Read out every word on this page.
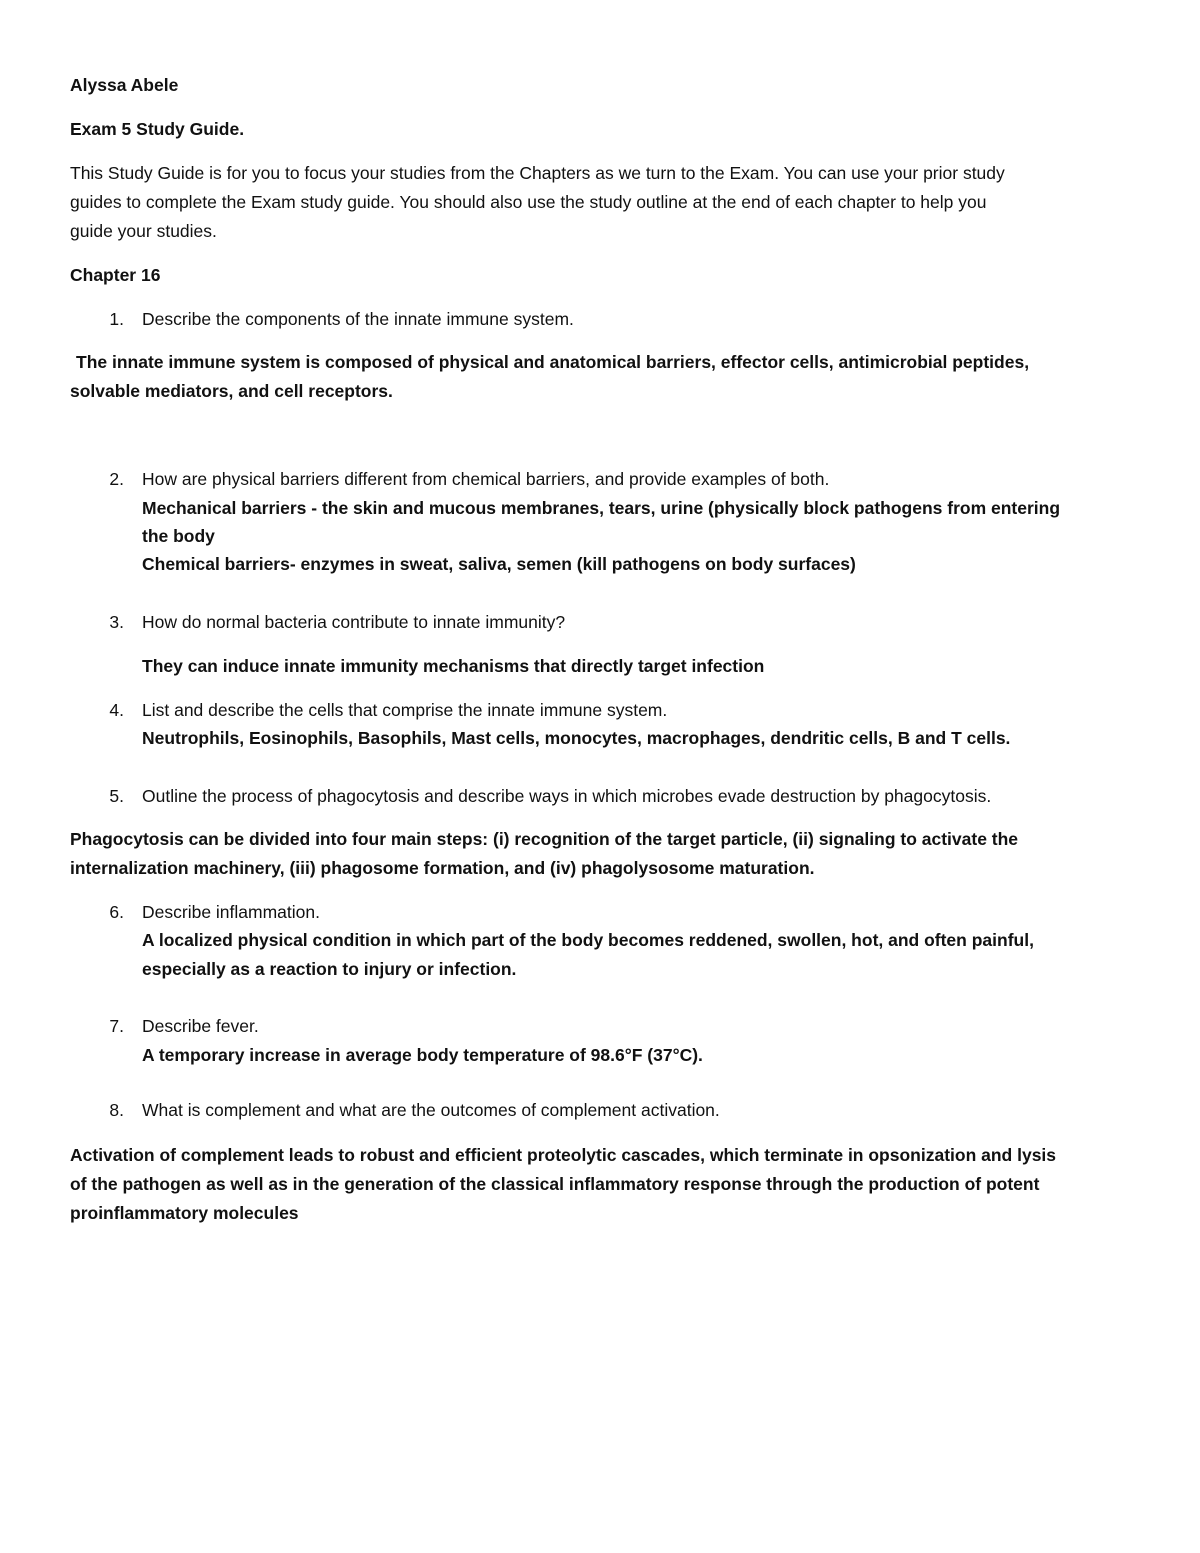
Alyssa Abele

Exam 5 Study Guide.

This Study Guide is for you to focus your studies from the Chapters as we turn to the Exam. You can use your prior study

guides to complete the Exam study guide. You should also use the study outline at the end of each chapter to help you

guide your studies.

Chapter 16

1. Describe the components of the innate immune system.

The innate immune system is composed of physical and anatomical barriers, effector cells, antimicrobial peptides,

solvable mediators, and cell receptors.

2. How are physical barriers different from chemical barriers, and provide examples of both.

Mechanical barriers - the skin and mucous membranes, tears, urine (physically block pathogens from entering

the body

Chemical barriers- enzymes in sweat, saliva, semen (kill pathogens on body surfaces)

3. How do normal bacteria contribute to innate immunity?

They can induce innate immunity mechanisms that directly target infection

4. List and describe the cells that comprise the innate immune system.

Neutrophils, Eosinophils, Basophils, Mast cells, monocytes, macrophages, dendritic cells, B and T cells.

5. Outline the process of phagocytosis and describe ways in which microbes evade destruction by phagocytosis.

Phagocytosis can be divided into four main steps: (i) recognition of the target particle, (ii) signaling to activate the

internalization machinery, (iii) phagosome formation, and (iv) phagolysosome maturation.

6. Describe inflammation.

A localized physical condition in which part of the body becomes reddened, swollen, hot, and often painful,

especially as a reaction to injury or infection.

7. Describe fever.

A temporary increase in average body temperature of 98.6°F (37°C).

8. What is complement and what are the outcomes of complement activation.

Activation of complement leads to robust and efficient proteolytic cascades, which terminate in opsonization and lysis

of the pathogen as well as in the generation of the classical inflammatory response through the production of potent

proinflammatory molecules
